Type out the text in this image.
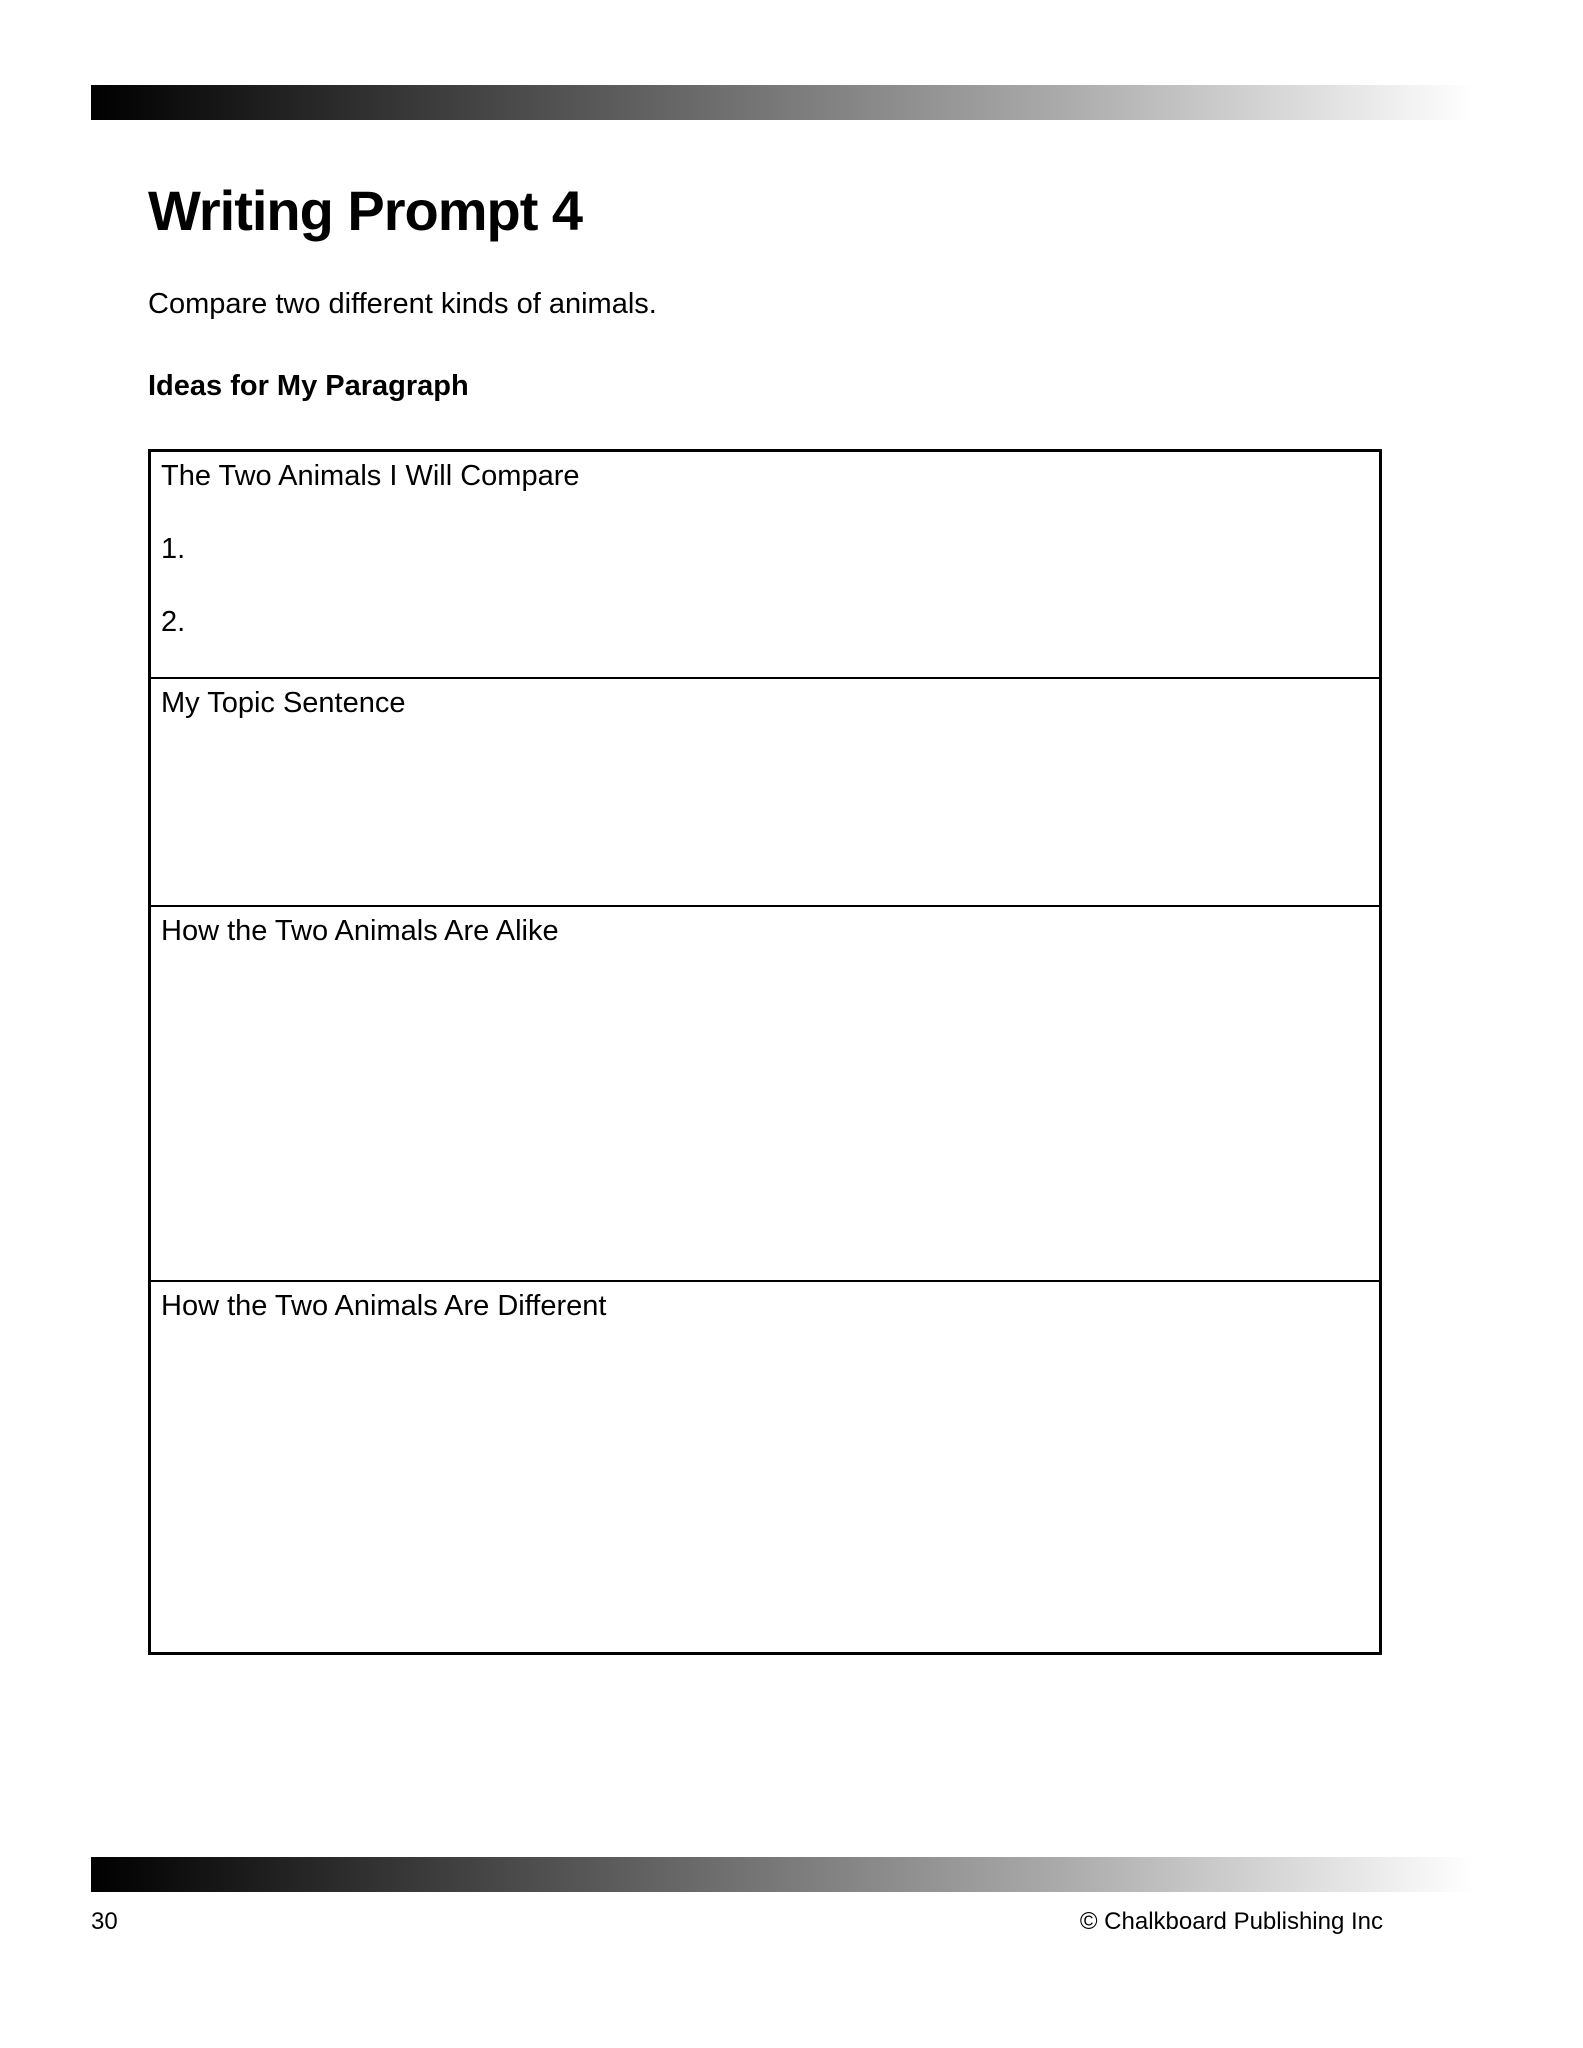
Writing Prompt 4
Compare two different kinds of animals.
Ideas for My Paragraph
The Two Animals I Will Compare
1.
2.
My Topic Sentence
How the Two Animals Are Alike
How the Two Animals Are Different
30	© Chalkboard Publishing Inc
